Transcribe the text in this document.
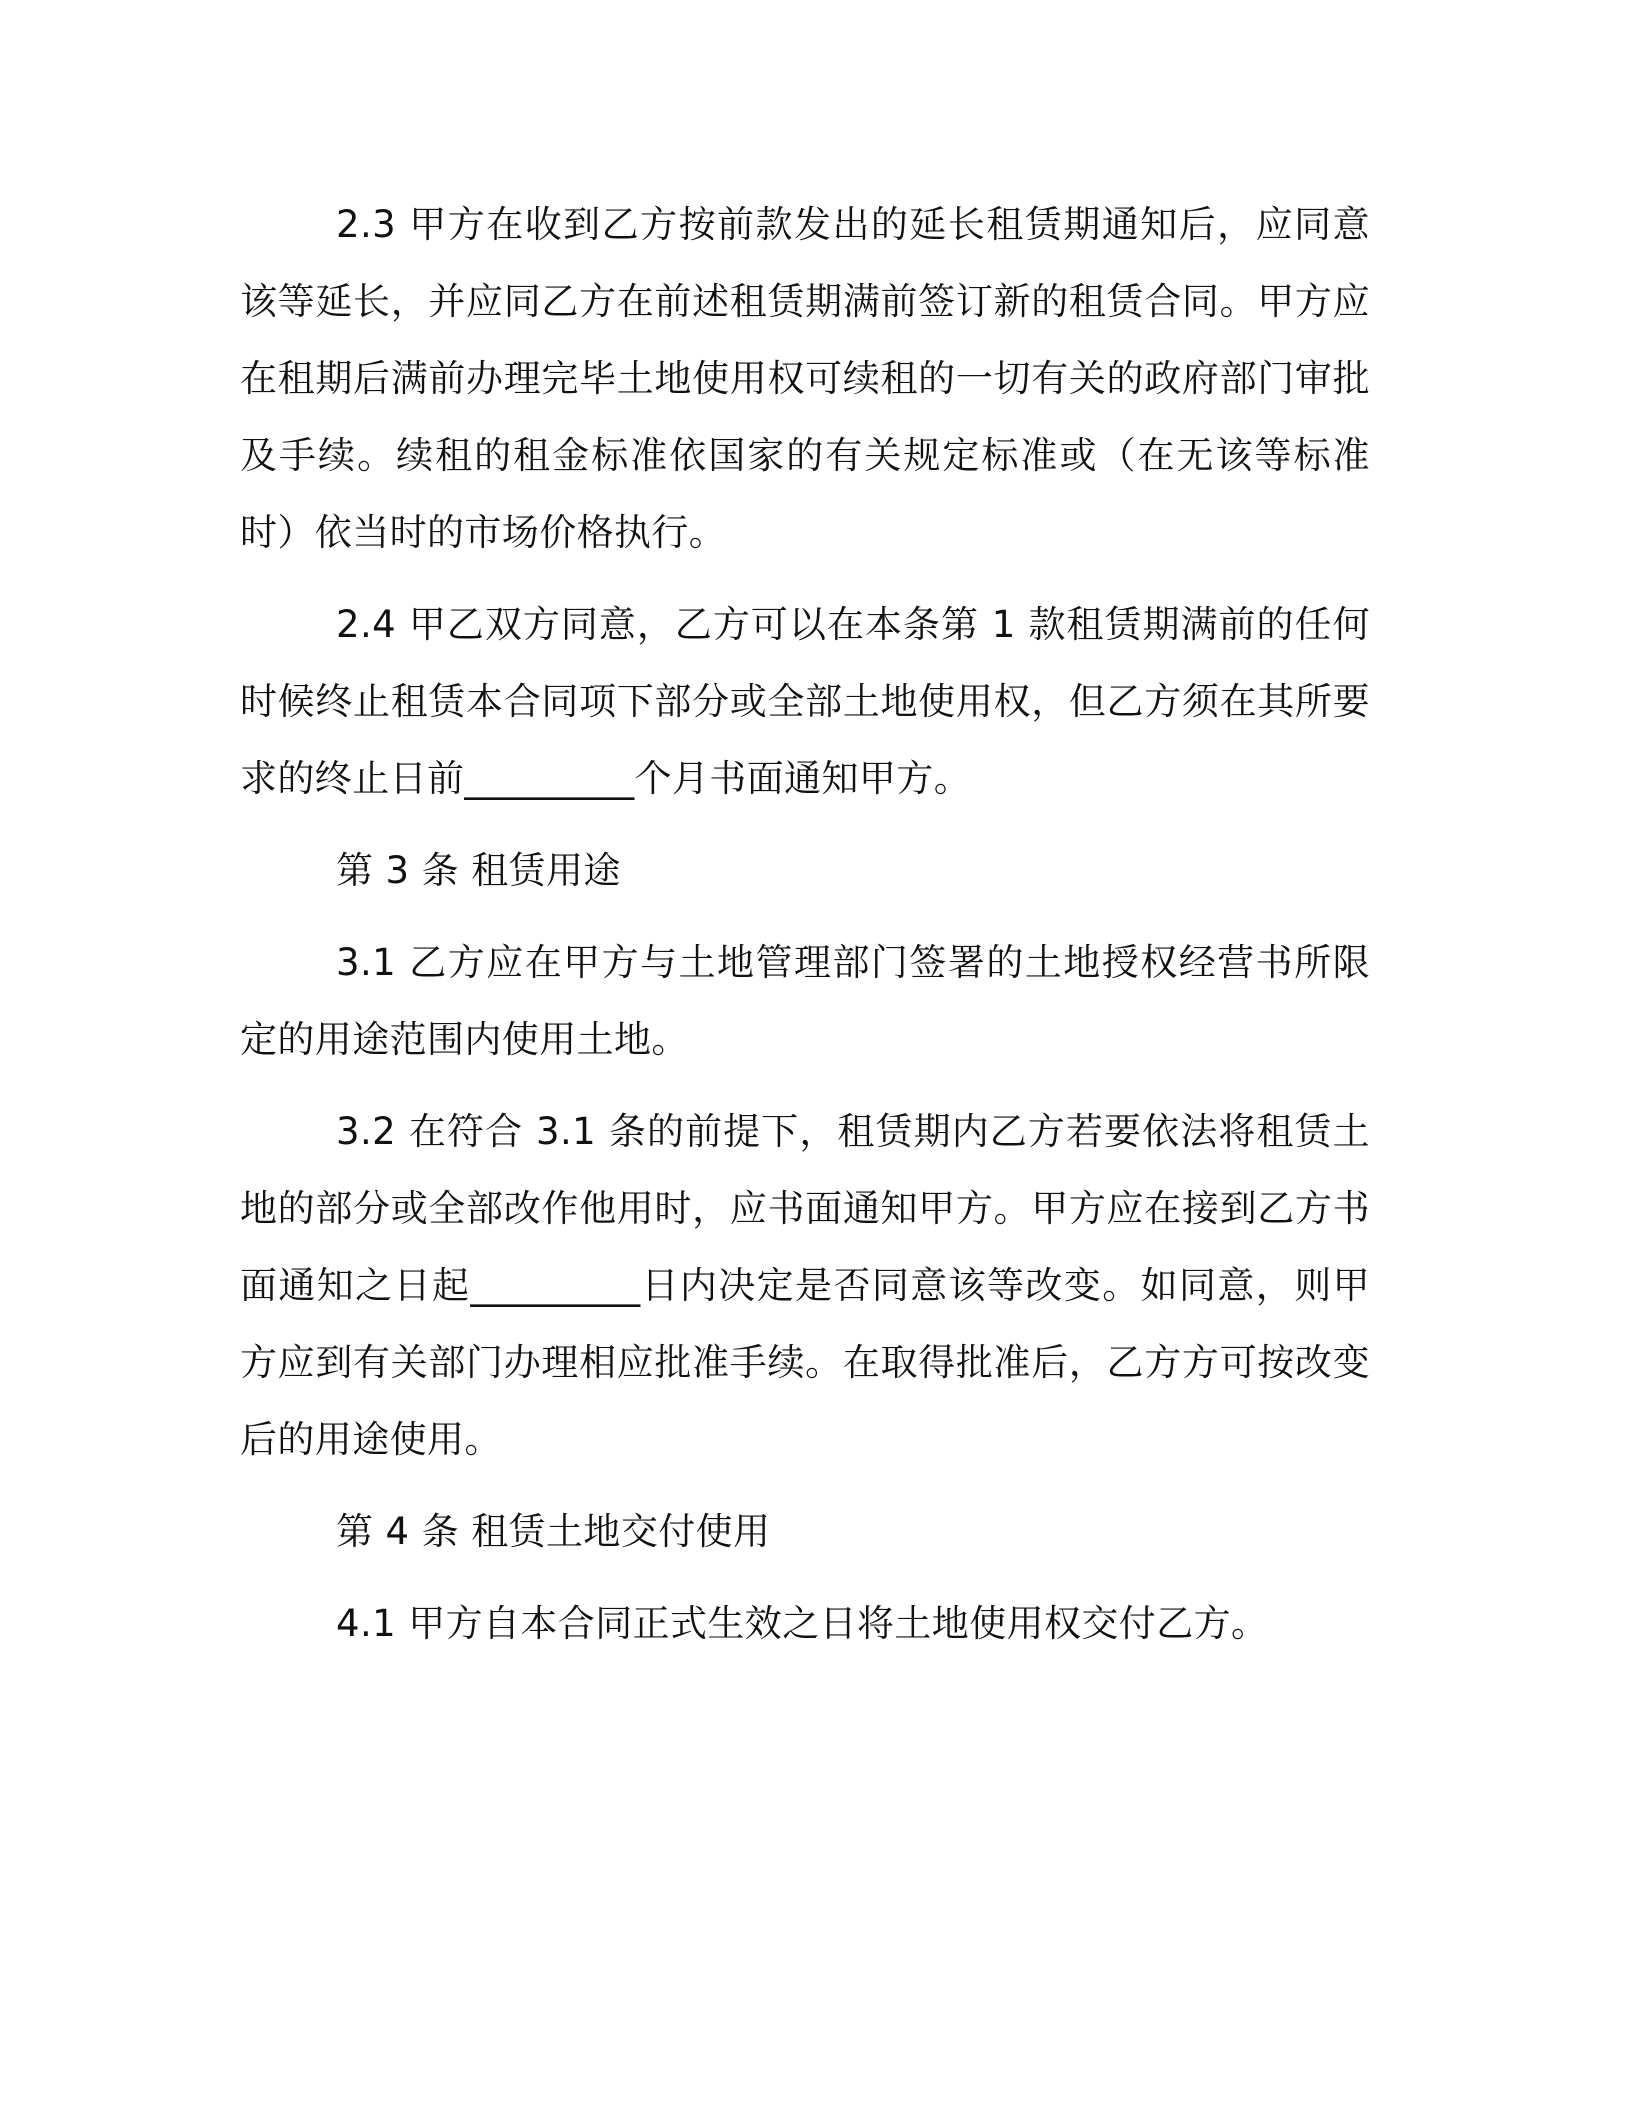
2.3 甲方在收到乙方按前款发出的延长租赁期通知后，应同意该等延长，并应同乙方在前述租赁期满前签订新的租赁合同。甲方应在租期后满前办理完毕土地使用权可续租的一切有关的政府部门审批及手续。续租的租金标准依国家的有关规定标准或（在无该等标准时）依当时的市场价格执行。

2.4 甲乙双方同意，乙方可以在本条第 1 款租赁期满前的任何时候终止租赁本合同项下部分或全部土地使用权，但乙方须在其所要求的终止日前_________个月书面通知甲方。

第 3 条 租赁用途

3.1 乙方应在甲方与土地管理部门签署的土地授权经营书所限定的用途范围内使用土地。

3.2 在符合 3.1 条的前提下，租赁期内乙方若要依法将租赁土地的部分或全部改作他用时，应书面通知甲方。甲方应在接到乙方书面通知之日起_________日内决定是否同意该等改变。如同意，则甲方应到有关部门办理相应批准手续。在取得批准后，乙方方可按改变后的用途使用。

第 4 条 租赁土地交付使用

4.1 甲方自本合同正式生效之日将土地使用权交付乙方。
